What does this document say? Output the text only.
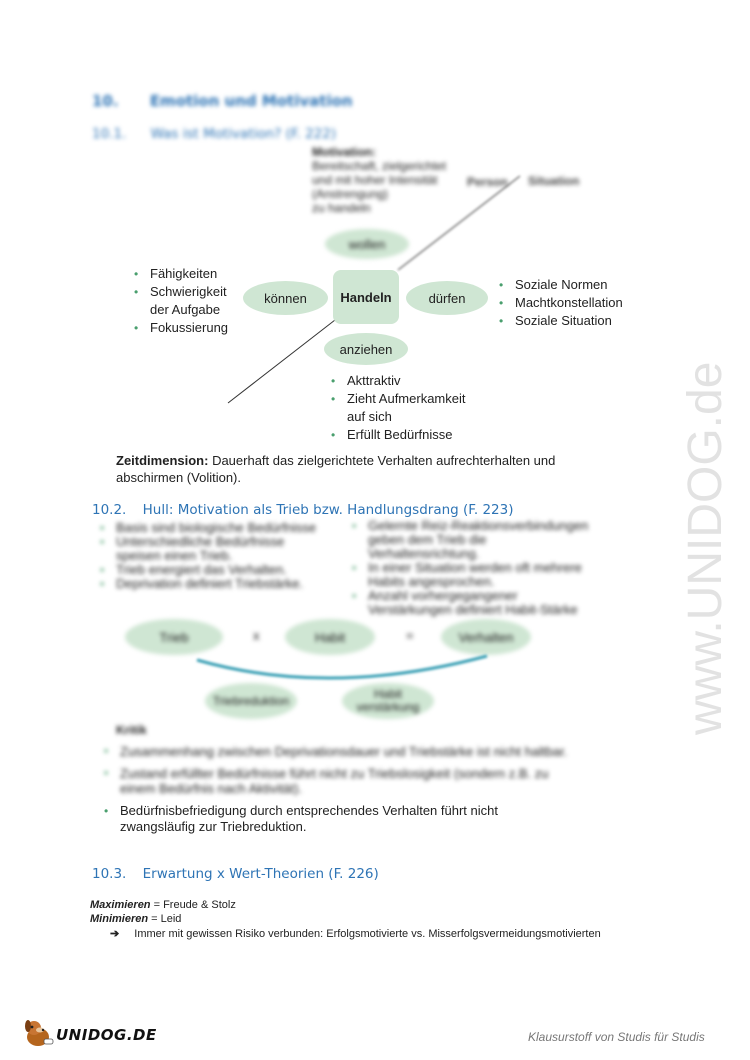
10. Emotion und Motivation
10.1. Was ist Motivation? (F. 222)
Motivation:
Bereitschaft, zielgerichtet
und mit hoher Intensität
(Anstrengung)
zu handeln
Person Situation
wollen
können	Handeln	dürfen
anziehen
• Fähigkeiten
• Schwierigkeit der Aufgabe
• Fokussierung
• Soziale Normen
• Machtkonstellation
• Soziale Situation
• Akttraktiv
• Zieht Aufmerkamkeit auf sich
• Erfüllt Bedürfnisse
Zeitdimension: Dauerhaft das zielgerichtete Verhalten aufrechterhalten und abschirmen (Volition).
10.2. Hull: Motivation als Trieb bzw. Handlungsdrang (F. 223)
• Basis sind biologische Bedürfnisse
• Unterschiedliche Bedürfnisse speisen einen Trieb.
• Trieb energiert das Verhalten.
• Deprivation definiert Triebstärke.
• Gelernte Reiz-Reaktionsverbindungen geben dem Trieb die Verhaltensrichtung.
• In einer Situation werden oft mehrere Habits angesprochen.
• Anzahl vorhergegangener Verstärkungen definiert Habit-Stärke
Trieb	x	Habit	=	Verhalten
Triebreduktion	Habit verstärkung
Kritik
• Zusammenhang zwischen Deprivationsdauer und Triebstärke ist nicht haltbar.
• Zustand erfüllter Bedürfnisse führt nicht zu Triebslosigkeit (sondern z.B. zu einem Bedürfnis nach Aktivität).
• Bedürfnisbefriedigung durch entsprechendes Verhalten führt nicht zwangsläufig zur Triebreduktion.
10.3. Erwartung x Wert-Theorien (F. 226)
Maximieren = Freude & Stolz
Minimieren = Leid
➔ Immer mit gewissen Risiko verbunden: Erfolgsmotivierte vs. Misserfolgsvermeidungsmotivierten
www.UNIDOG.de
UNIDOG.DE	Klausurstoff von Studis für Studis
